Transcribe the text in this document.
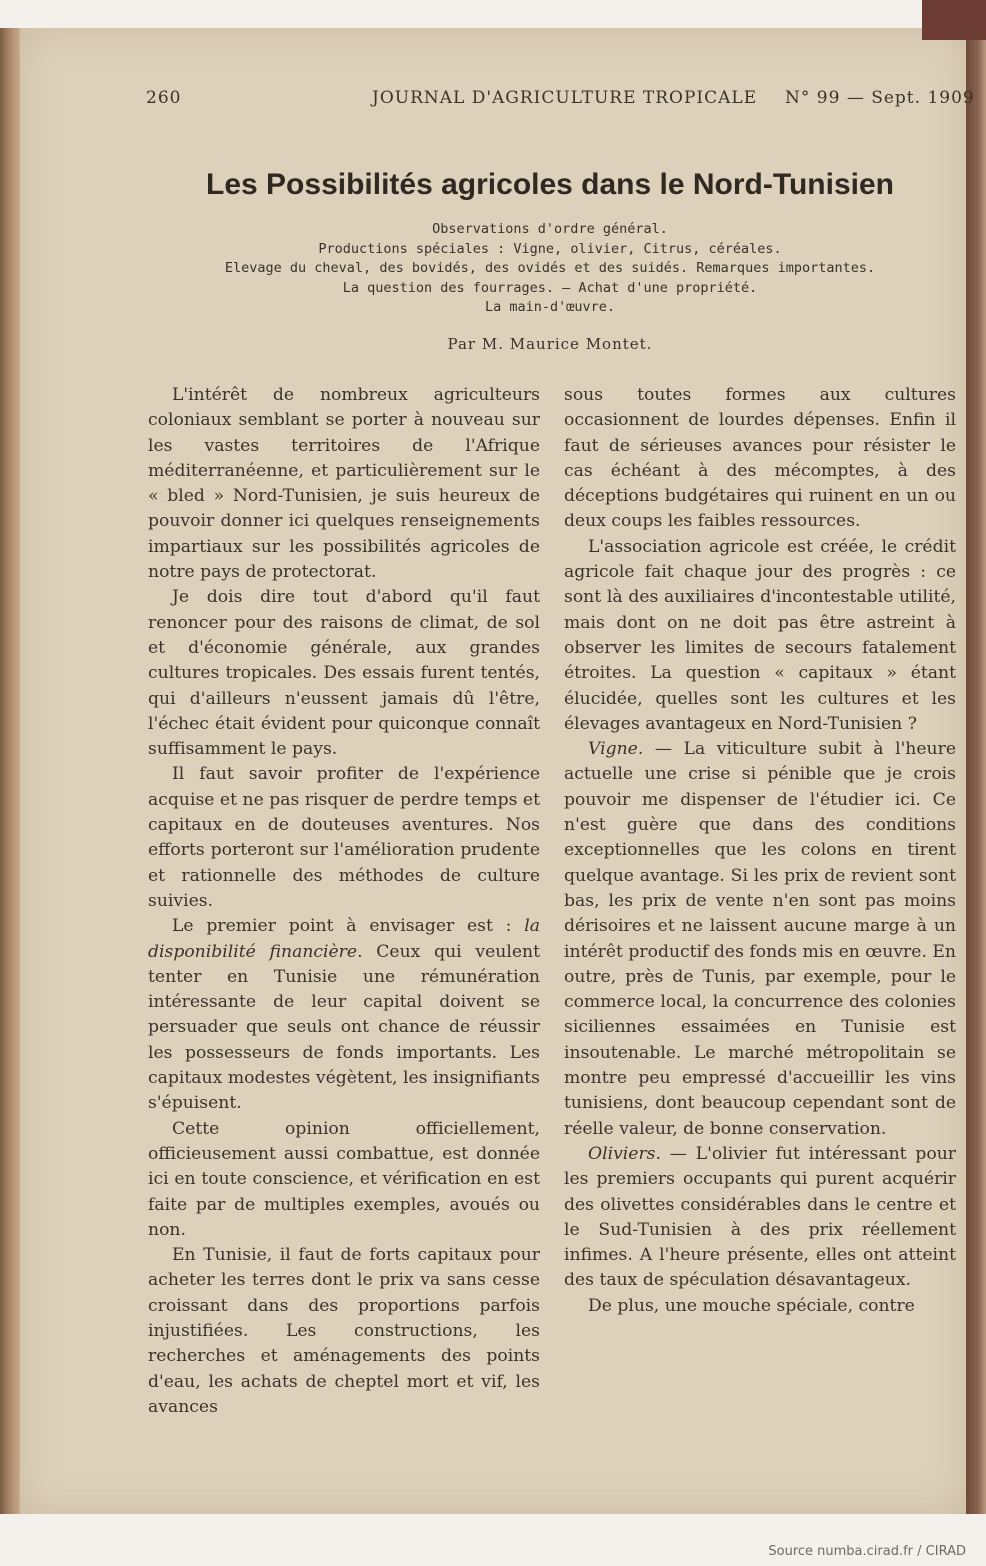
260	JOURNAL D'AGRICULTURE TROPICALE N° 99 — Sept. 1909
Les Possibilités agricoles dans le Nord-Tunisien
Observations d'ordre général.
Productions spéciales : Vigne, olivier, Citrus, céréales.
Elevage du cheval, des bovidés, des ovidés et des suidés. Remarques importantes.
La question des fourrages. — Achat d'une propriété.
La main-d'œuvre.
Par M. Maurice Montet.

L'intérêt de nombreux agriculteurs coloniaux semblant se porter à nouveau sur les vastes territoires de l'Afrique méditerranéenne, et particulièrement sur le « bled » Nord-Tunisien, je suis heureux de pouvoir donner ici quelques renseignements impartiaux sur les possibilités agricoles de notre pays de protectorat.

Je dois dire tout d'abord qu'il faut renoncer pour des raisons de climat, de sol et d'économie générale, aux grandes cultures tropicales. Des essais furent tentés, qui d'ailleurs n'eussent jamais dû l'être, l'échec était évident pour quiconque connaît suffisamment le pays.

Il faut savoir profiter de l'expérience acquise et ne pas risquer de perdre temps et capitaux en de douteuses aventures. Nos efforts porteront sur l'amélioration prudente et rationnelle des méthodes de culture suivies.

Le premier point à envisager est : la disponibilité financière. Ceux qui veulent tenter en Tunisie une rémunération intéressante de leur capital doivent se persuader que seuls ont chance de réussir les possesseurs de fonds importants. Les capitaux modestes végètent, les insignifiants s'épuisent.

Cette opinion officiellement, officieusement aussi combattue, est donnée ici en toute conscience, et vérification en est faite par de multiples exemples, avoués ou non.

En Tunisie, il faut de forts capitaux pour acheter les terres dont le prix va sans cesse croissant dans des proportions parfois injustifiées. Les constructions, les recherches et aménagements des points d'eau, les achats de cheptel mort et vif, les avances

sous toutes formes aux cultures occasionnent de lourdes dépenses. Enfin il faut de sérieuses avances pour résister le cas échéant à des mécomptes, à des déceptions budgétaires qui ruinent en un ou deux coups les faibles ressources.

L'association agricole est créée, le crédit agricole fait chaque jour des progrès : ce sont là des auxiliaires d'incontestable utilité, mais dont on ne doit pas être astreint à observer les limites de secours fatalement étroites. La question « capitaux » étant élucidée, quelles sont les cultures et les élevages avantageux en Nord-Tunisien ?

Vigne. — La viticulture subit à l'heure actuelle une crise si pénible que je crois pouvoir me dispenser de l'étudier ici. Ce n'est guère que dans des conditions exceptionnelles que les colons en tirent quelque avantage. Si les prix de revient sont bas, les prix de vente n'en sont pas moins dérisoires et ne laissent aucune marge à un intérêt productif des fonds mis en œuvre. En outre, près de Tunis, par exemple, pour le commerce local, la concurrence des colonies siciliennes essaimées en Tunisie est insoutenable. Le marché métropolitain se montre peu empressé d'accueillir les vins tunisiens, dont beaucoup cependant sont de réelle valeur, de bonne conservation.

Oliviers. — L'olivier fut intéressant pour les premiers occupants qui purent acquérir des olivettes considérables dans le centre et le Sud-Tunisien à des prix réellement infimes. A l'heure présente, elles ont atteint des taux de spéculation désavantageux.

De plus, une mouche spéciale, contre

Source numba.cirad.fr / CIRAD
